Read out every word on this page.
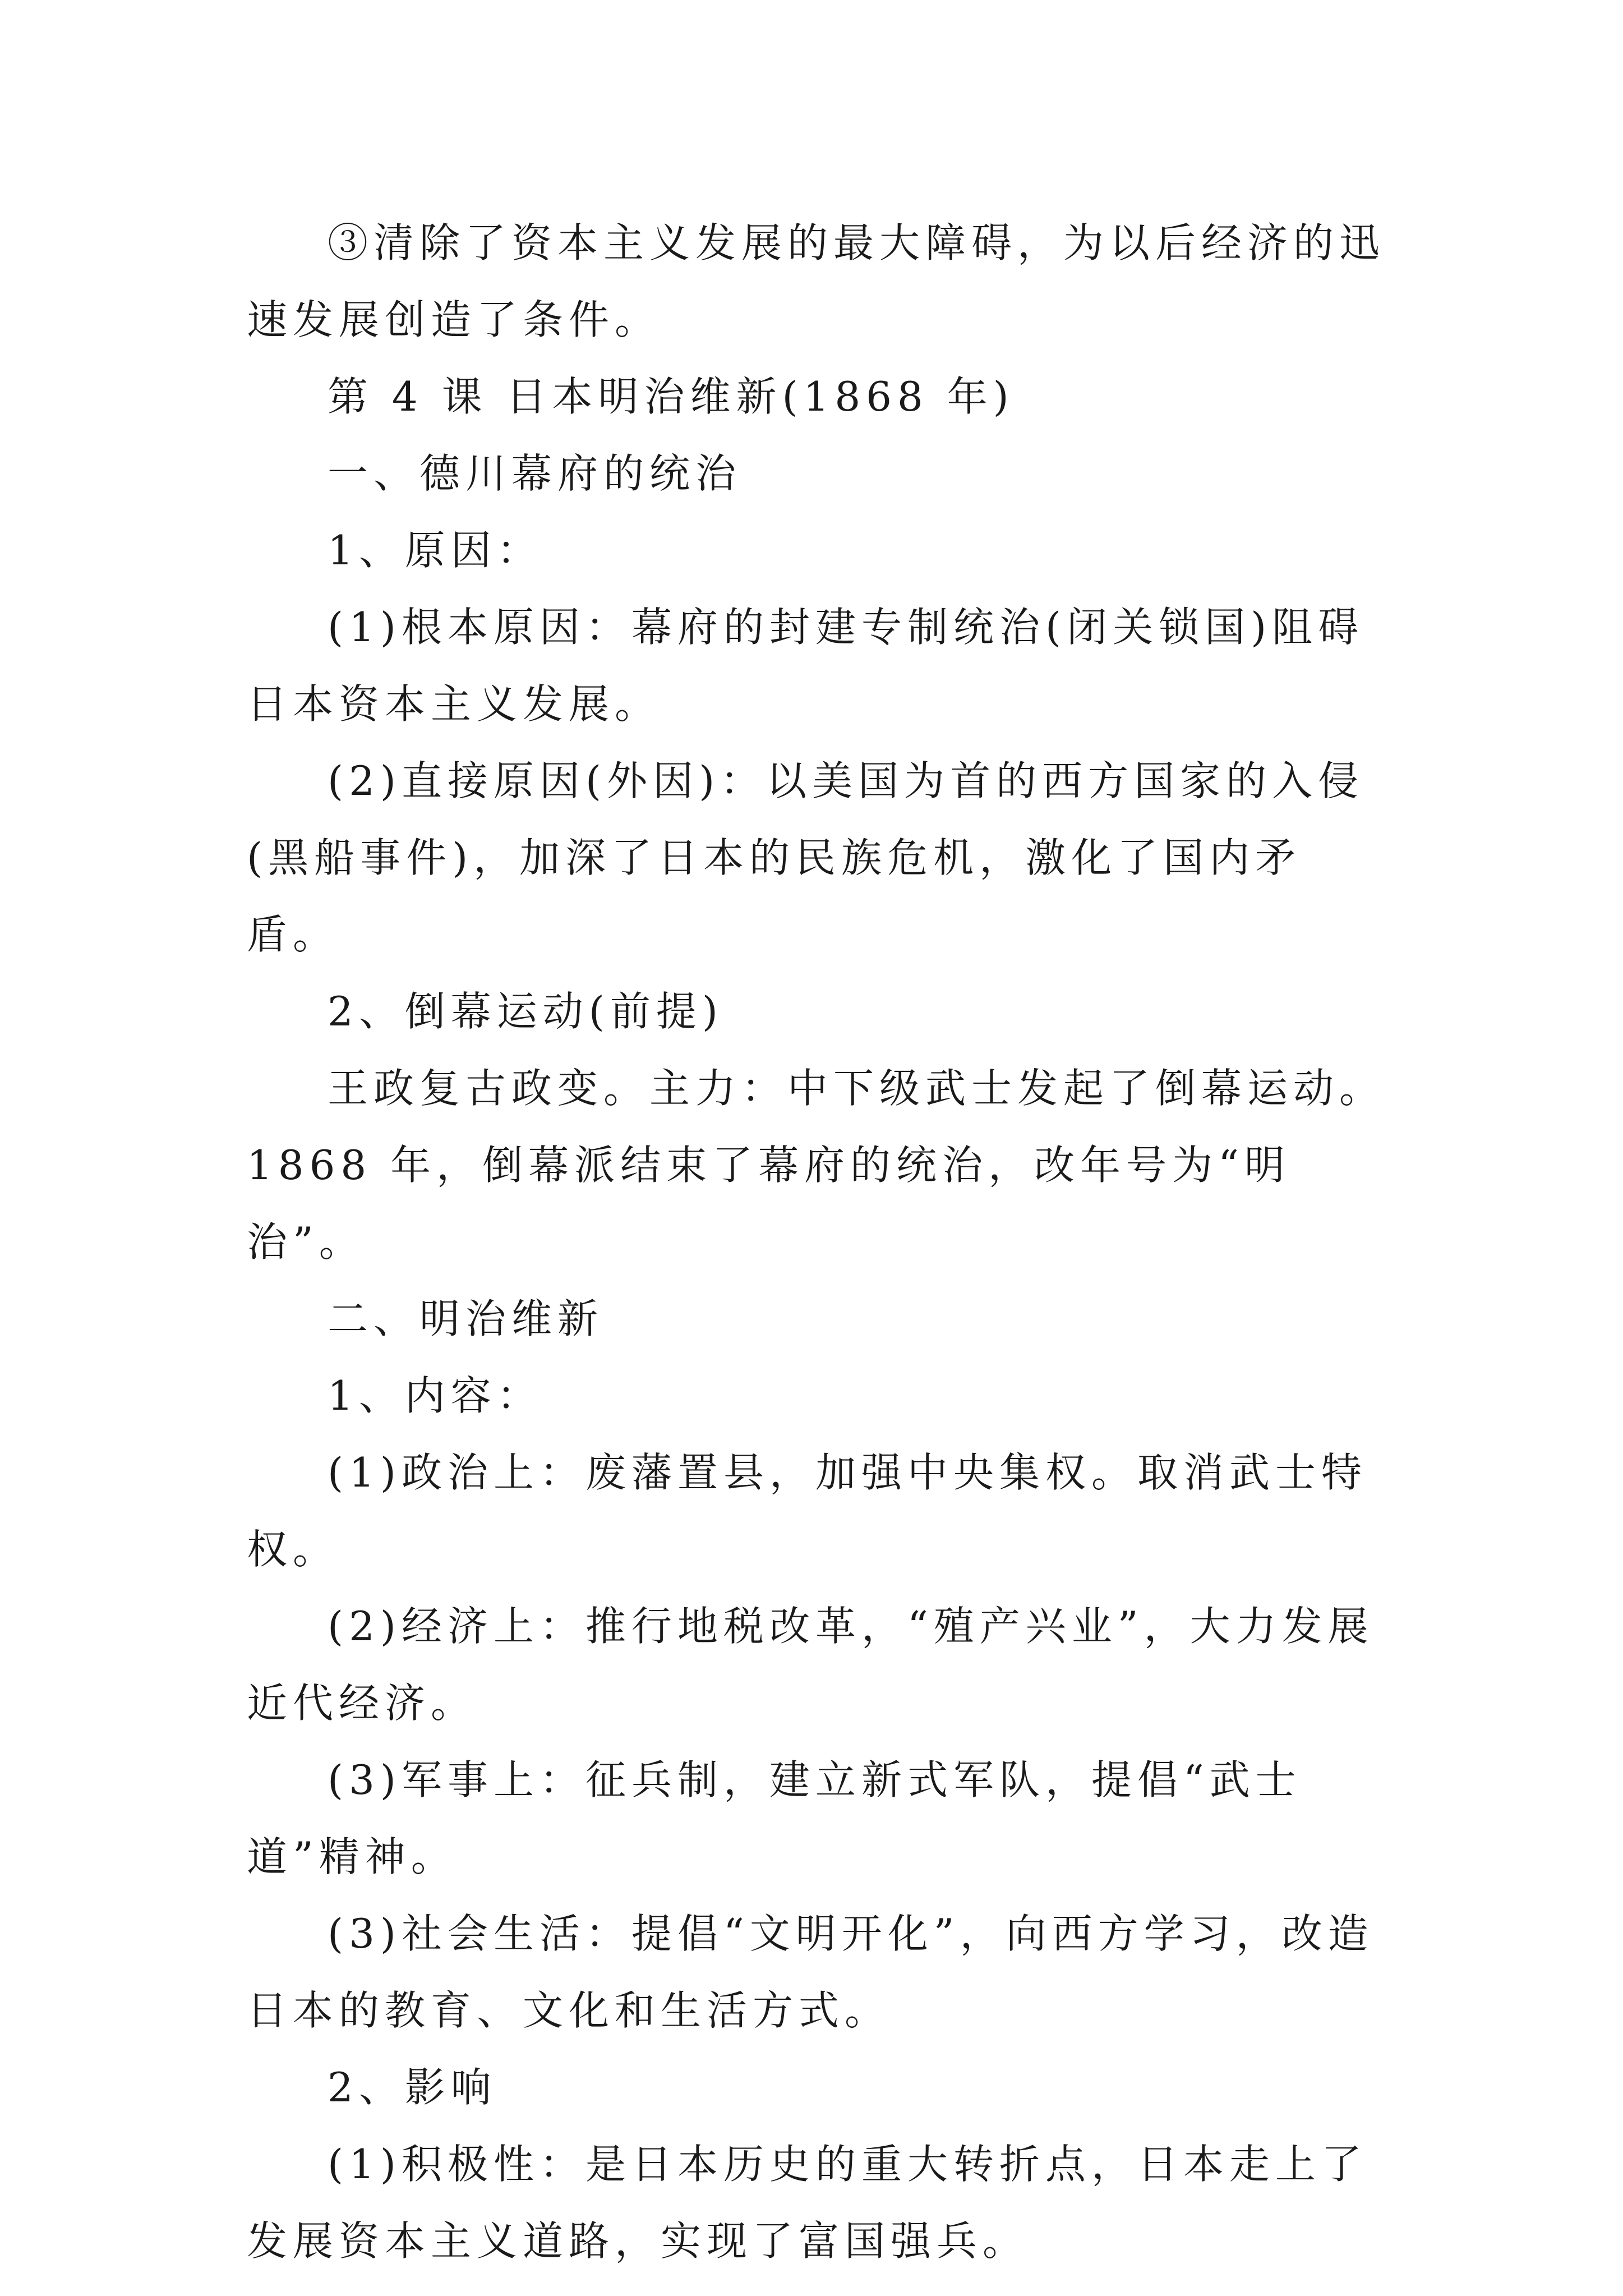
③清除了资本主义发展的最大障碍，为以后经济的迅速发展创造了条件。

第 4 课 日本明治维新(1868 年)

一、德川幕府的统治

1、原因：

(1)根本原因：幕府的封建专制统治(闭关锁国)阻碍日本资本主义发展。

(2)直接原因(外因)：以美国为首的西方国家的入侵(黑船事件)，加深了日本的民族危机，激化了国内矛盾。

2、倒幕运动(前提)

王政复古政变。主力：中下级武士发起了倒幕运动。1868 年，倒幕派结束了幕府的统治，改年号为“明治”。

二、明治维新

1、内容：

(1)政治上：废藩置县，加强中央集权。取消武士特权。

(2)经济上：推行地税改革，“殖产兴业”，大力发展近代经济。

(3)军事上：征兵制，建立新式军队，提倡“武士道”精神。

(3)社会生活：提倡“文明开化”，向西方学习，改造日本的教育、文化和生活方式。

2、影响

(1)积极性：是日本历史的重大转折点，日本走上了发展资本主义道路，实现了富国强兵。
